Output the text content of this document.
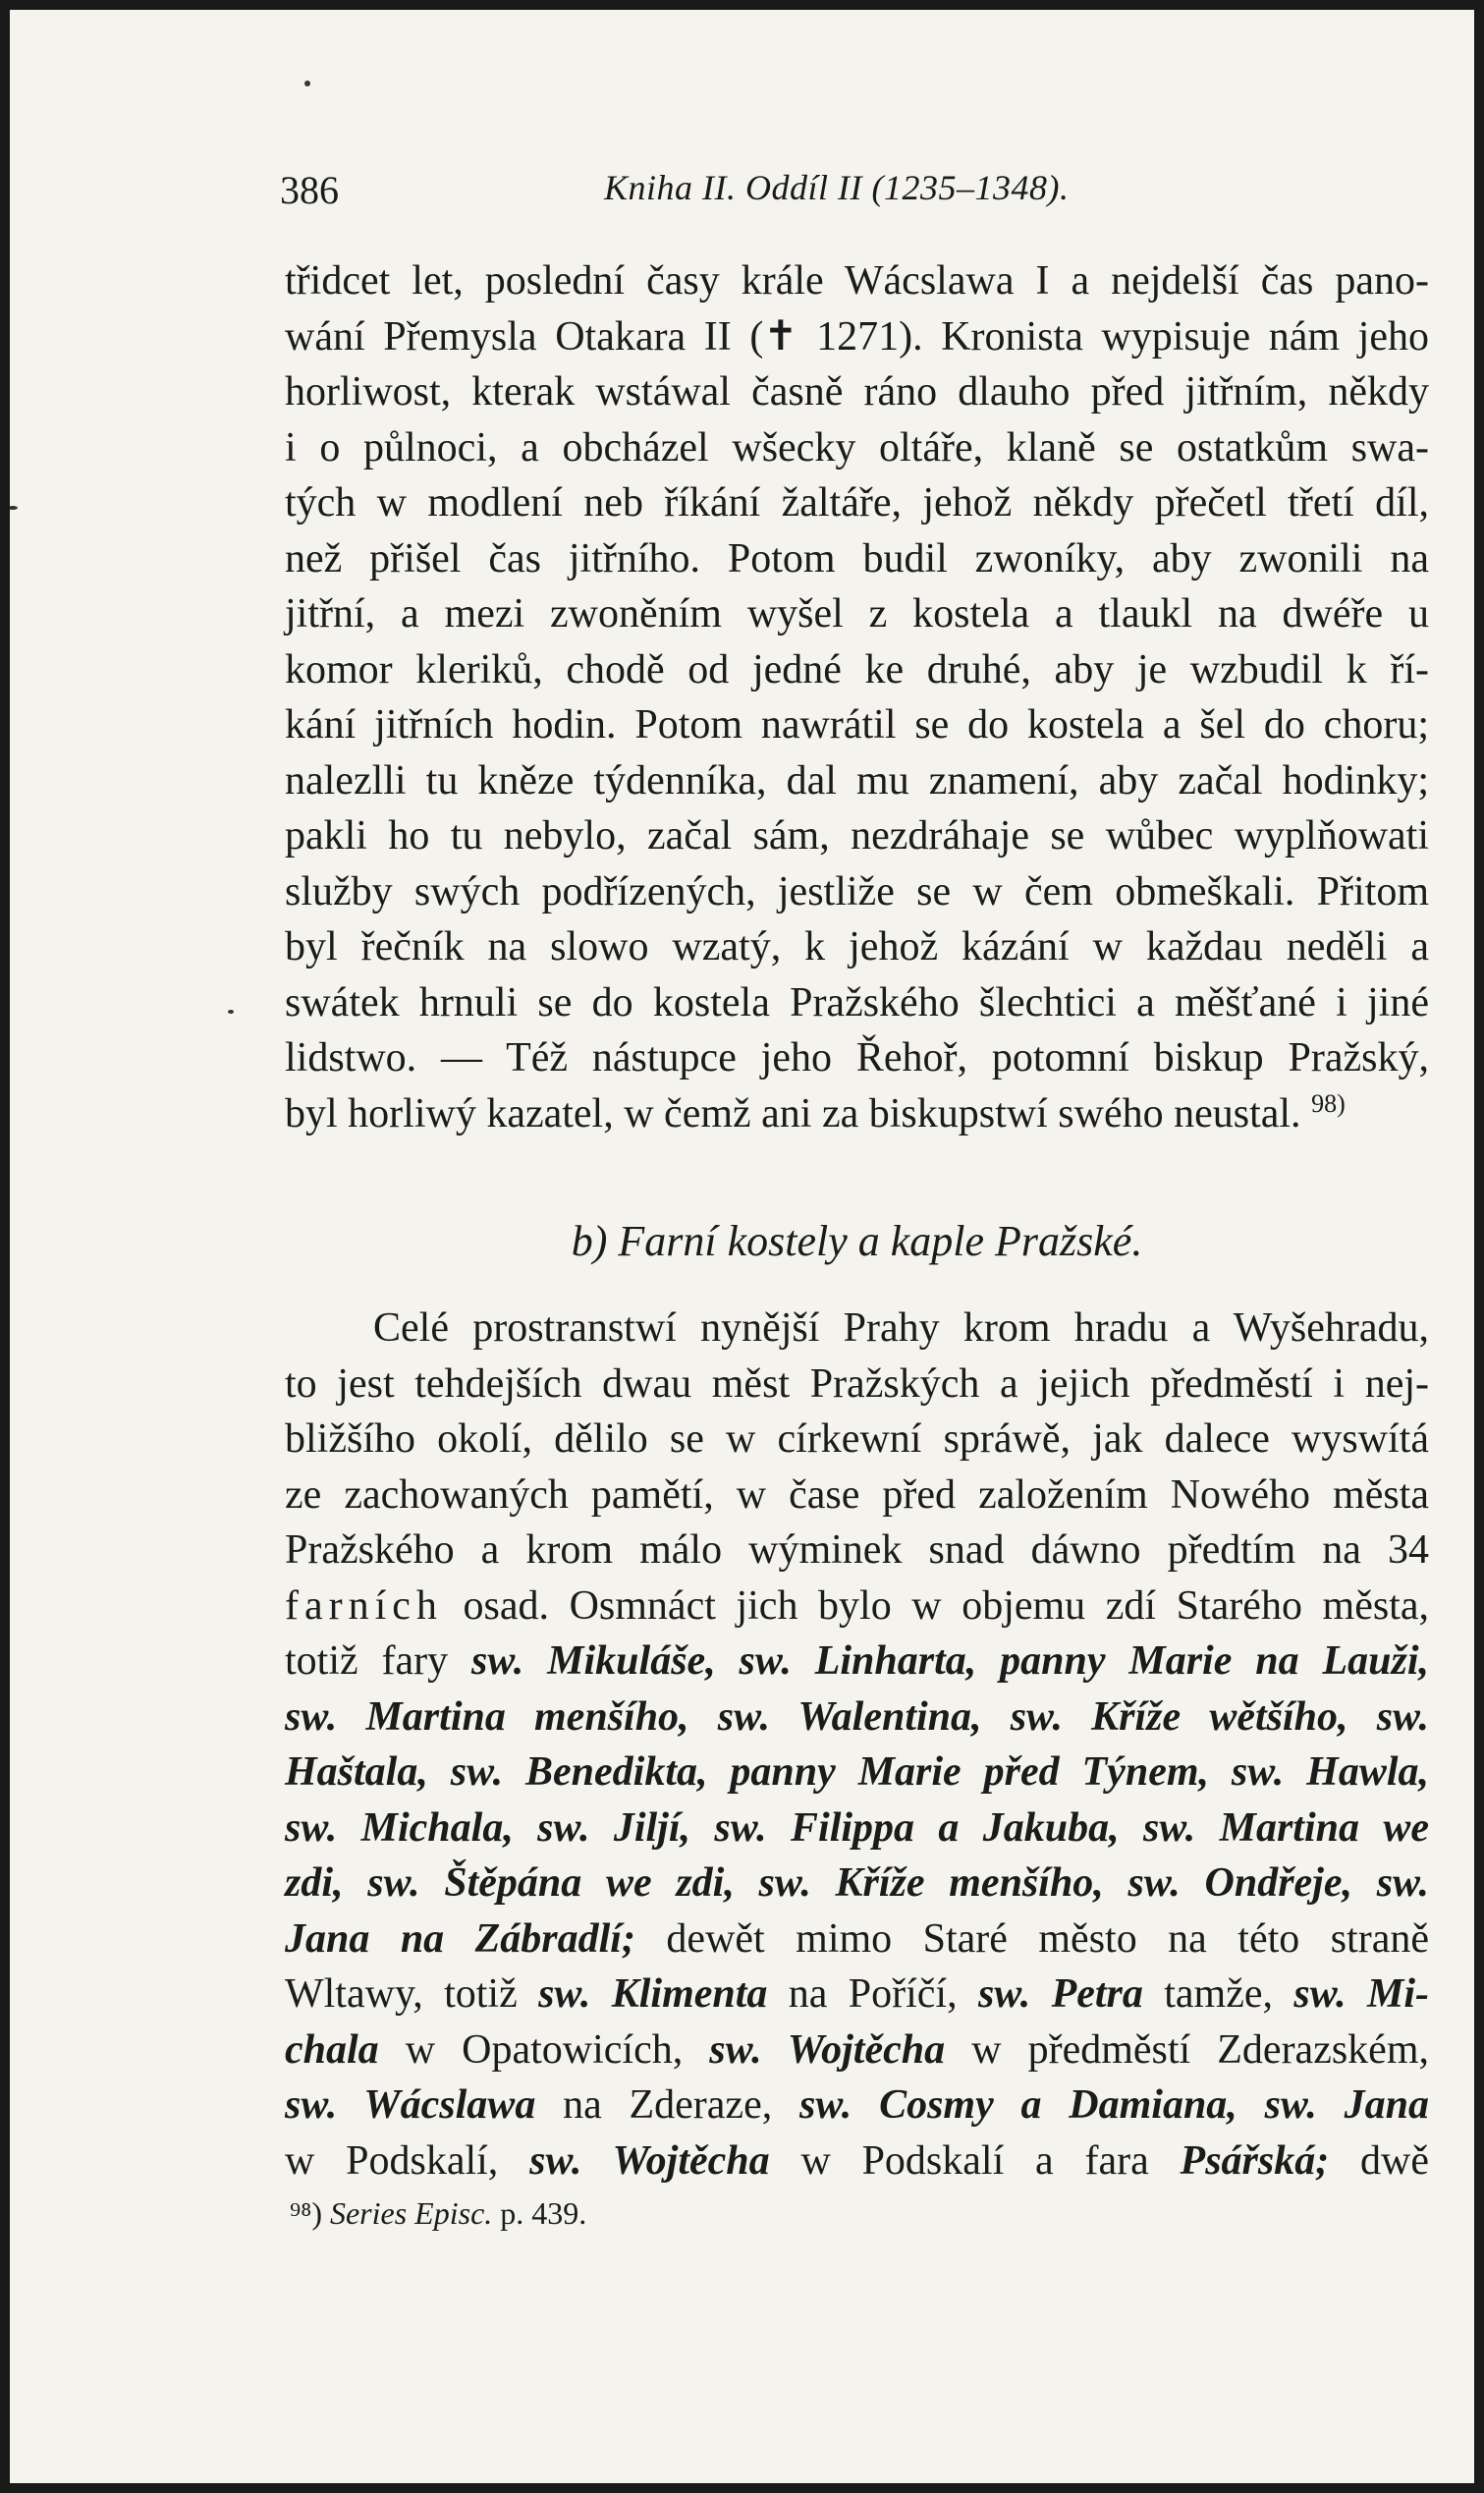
386	Kniha II. Oddíl II (1235–1348).
třidcet let, poslední časy krále Wácslawa I a nejdelší čas pano-
wání Přemysla Otakara II (✝ 1271). Kronista wypisuje nám jeho
horliwost, kterak wstáwal časně ráno dlauho před jitřním, někdy
i o půlnoci, a obcházel wšecky oltáře, klaně se ostatkům swa-
tých w modlení neb říkání žaltáře, jehož někdy přečetl třetí díl,
než přišel čas jitřního. Potom budil zwoníky, aby zwonili na
jitřní, a mezi zwoněním wyšel z kostela a tlaukl na dwéře u
komor kleriků, chodě od jedné ke druhé, aby je wzbudil k ří-
kání jitřních hodin. Potom nawrátil se do kostela a šel do choru;
nalezlli tu kněze týdenníka, dal mu znamení, aby začal hodinky;
pakli ho tu nebylo, začal sám, nezdráhaje se wůbec wyplňowati
služby swých podřízených, jestliže se w čem obmeškali. Přitom
byl řečník na slowo wzatý, k jehož kázání w každau neděli a
swátek hrnuli se do kostela Pražského šlechtici a měšťané i jiné
lidstwo. — Též nástupce jeho Řehoř, potomní biskup Pražský,
byl horliwý kazatel, w čemž ani za biskupstwí swého neustal. $^{98)}$
b) Farní kostely a kaple Pražské.
Celé prostranstwí nynější Prahy krom hradu a Wyšehradu,
to jest tehdejších dwau měst Pražských a jejich předměstí i nej-
bližšího okolí, dělilo se w církewní spráwě, jak dalece wyswítá
ze zachowaných pamětí, w čase před založením Nowého města
Pražského a krom málo wýminek snad dáwno předtím na 34
farních osad. Osmnáct jich bylo w objemu zdí Starého města,
totiž fary sw. Mikuláše, sw. Linharta, panny Marie na Lauži,
sw. Martina menšího, sw. Walentina, sw. Kříže wětšího, sw.
Haštala, sw. Benedikta, panny Marie před Týnem, sw. Hawla,
sw. Michala, sw. Jiljí, sw. Filippa a Jakuba, sw. Martina we
zdi, sw. Štěpána we zdi, sw. Kříže menšího, sw. Ondřeje, sw.
Jana na Zábradlí; dewět mimo Staré město na této straně
Wltawy, totiž sw. Klimenta na Poříčí, sw. Petra tamže, sw. Mi-
chala w Opatowicích, sw. Wojtěcha w předměstí Zderazském,
sw. Wácslawa na Zderaze, sw. Cosmy a Damiana, sw. Jana
w Podskalí, sw. Wojtěcha w Podskalí a fara Psářská; dwě
⁹⁸) Series Episc. p. 439.
